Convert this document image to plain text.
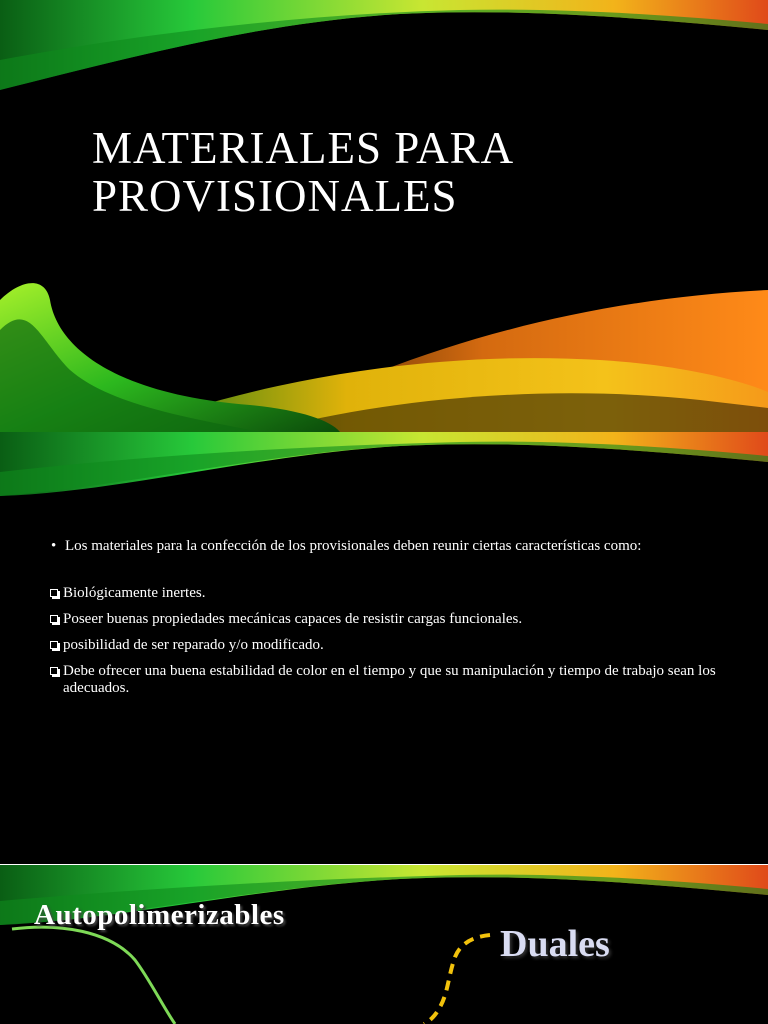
MATERIALES PARA
PROVISIONALES

• Los materiales para la confección de los provisionales deben reunir ciertas características como:

Biológicamente inertes.

Poseer buenas propiedades mecánicas capaces de resistir cargas funcionales.

posibilidad de ser reparado y/o modificado.

Debe ofrecer una buena estabilidad de color en el tiempo y que su manipulación y tiempo de trabajo sean los adecuados.

Autopolimerizables
Duales
